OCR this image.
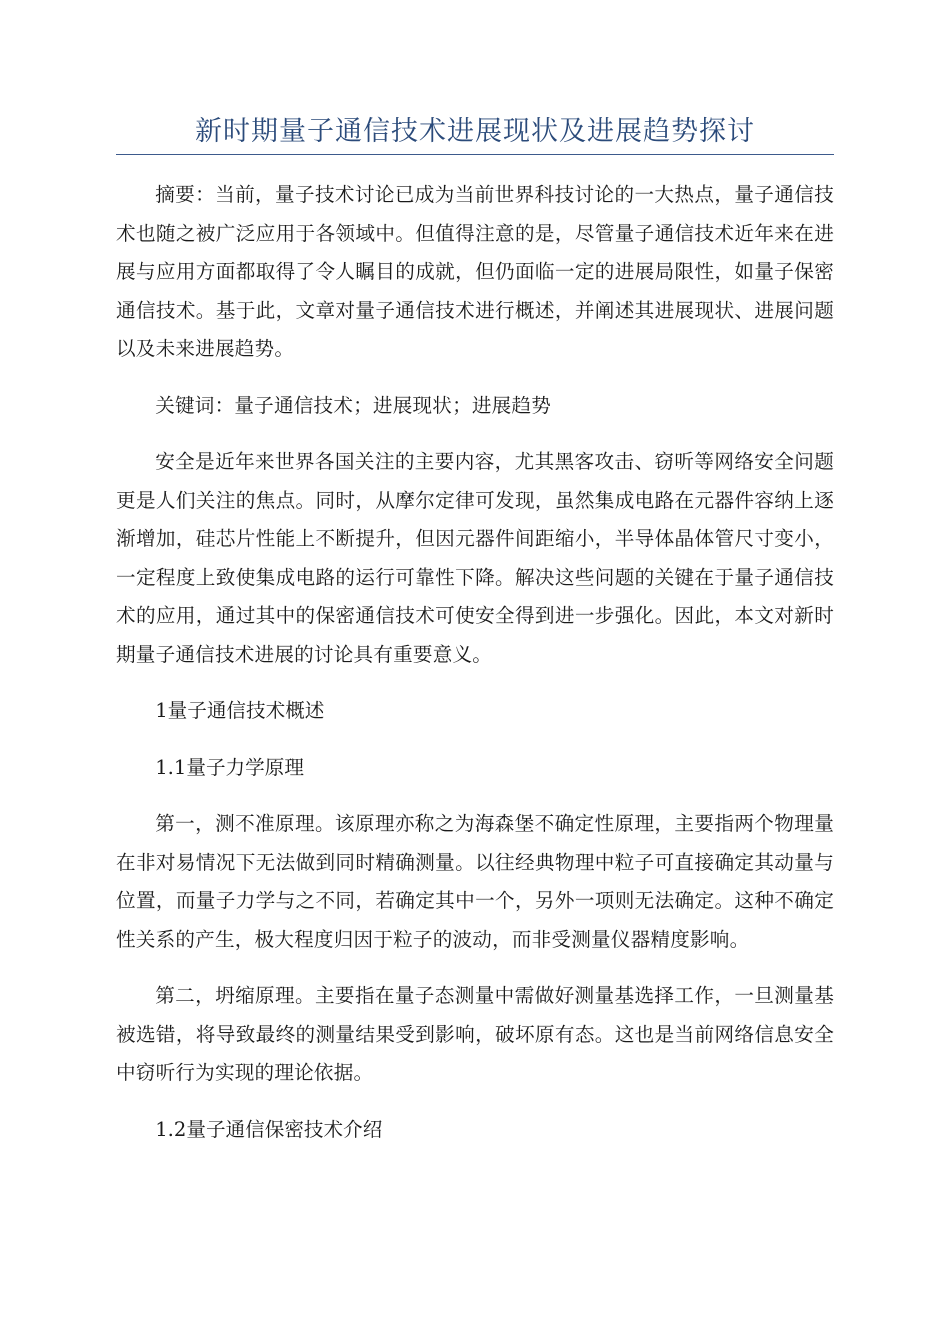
新时期量子通信技术进展现状及进展趋势探讨

摘要：当前，量子技术讨论已成为当前世界科技讨论的一大热点，量子通信技术也随之被广泛应用于各领域中。但值得注意的是，尽管量子通信技术近年来在进展与应用方面都取得了令人瞩目的成就，但仍面临一定的进展局限性，如量子保密通信技术。基于此，文章对量子通信技术进行概述，并阐述其进展现状、进展问题以及未来进展趋势。

关键词：量子通信技术；进展现状；进展趋势

安全是近年来世界各国关注的主要内容，尤其黑客攻击、窃听等网络安全问题更是人们关注的焦点。同时，从摩尔定律可发现，虽然集成电路在元器件容纳上逐渐增加，硅芯片性能上不断提升，但因元器件间距缩小，半导体晶体管尺寸变小，一定程度上致使集成电路的运行可靠性下降。解决这些问题的关键在于量子通信技术的应用，通过其中的保密通信技术可使安全得到进一步强化。因此，本文对新时期量子通信技术进展的讨论具有重要意义。

1量子通信技术概述

1.1量子力学原理

第一，测不准原理。该原理亦称之为海森堡不确定性原理，主要指两个物理量在非对易情况下无法做到同时精确测量。以往经典物理中粒子可直接确定其动量与位置，而量子力学与之不同，若确定其中一个，另外一项则无法确定。这种不确定性关系的产生，极大程度归因于粒子的波动，而非受测量仪器精度影响。

第二，坍缩原理。主要指在量子态测量中需做好测量基选择工作，一旦测量基被选错，将导致最终的测量结果受到影响，破坏原有态。这也是当前网络信息安全中窃听行为实现的理论依据。

1.2量子通信保密技术介绍
